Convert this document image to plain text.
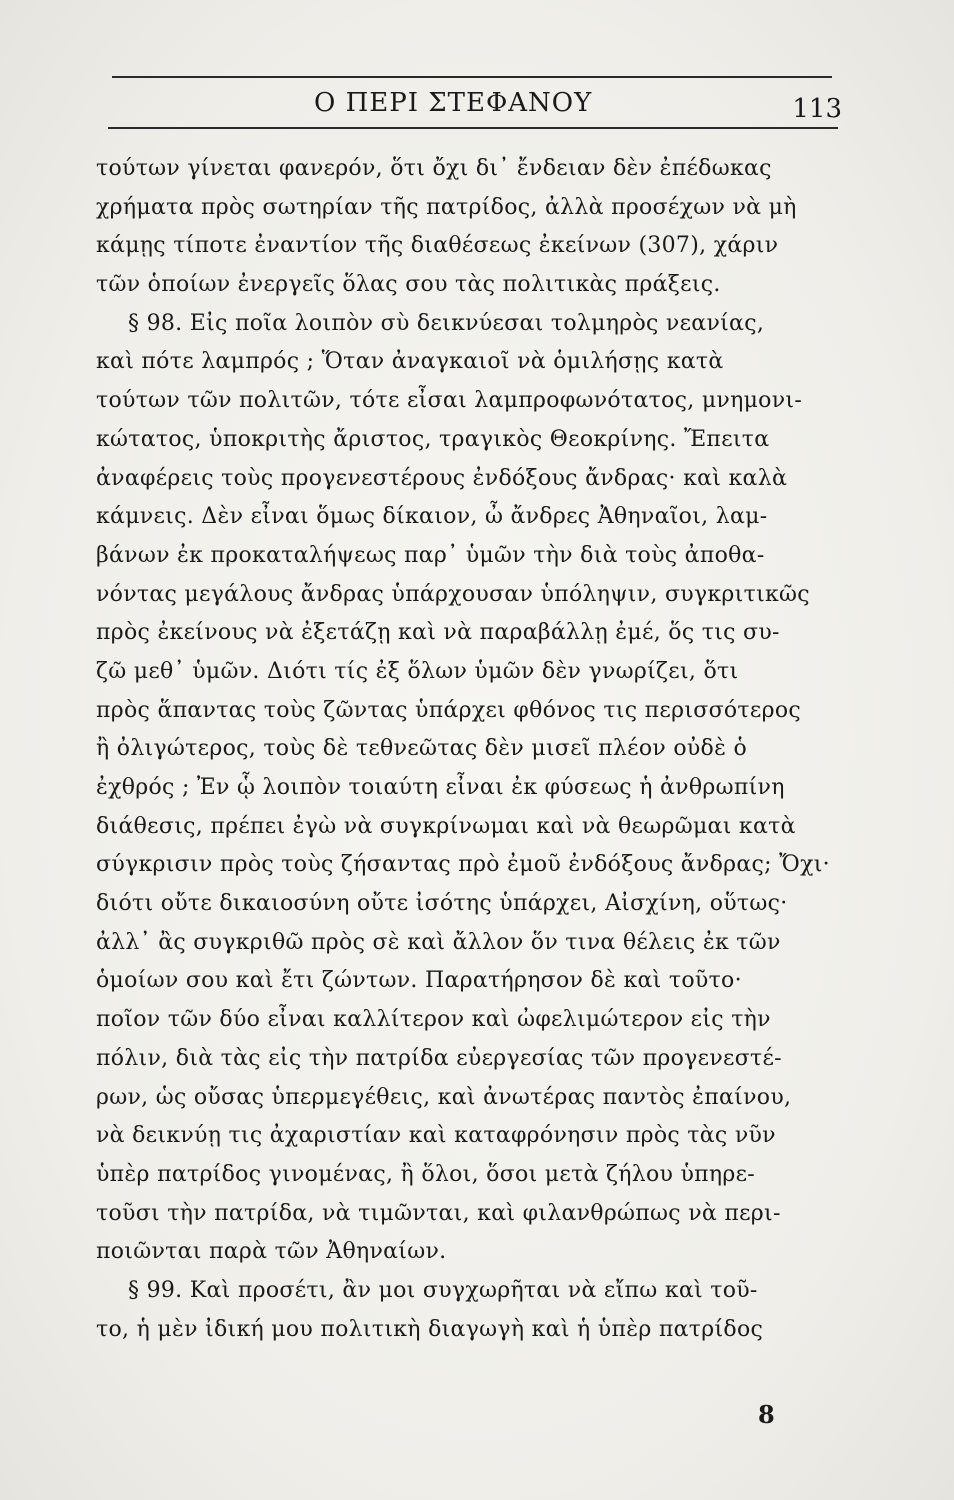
Ο ΠΕΡΙ ΣΤΕΦΑΝΟΥ	113
τούτων γίνεται φανερόν, ὅτι ὄχι δι᾽ ἔνδειαν δὲν ἐπέδωκας
χρήματα πρὸς σωτηρίαν τῆς πατρίδος, ἀλλὰ προσέχων νὰ μὴ
κάμῃς τίποτε ἐναντίον τῆς διαθέσεως ἐκείνων (307), χάριν
τῶν ὁποίων ἐνεργεῖς ὅλας σου τὰς πολιτικὰς πράξεις.
§ 98. Εἰς ποῖα λοιπὸν σὺ δεικνύεσαι τολμηρὸς νεανίας,
καὶ πότε λαμπρός ; Ὅταν ἀναγκαιοῖ νὰ ὁμιλήσῃς κατὰ
τούτων τῶν πολιτῶν, τότε εἶσαι λαμπροφωνότατος, μνημονι-
κώτατος, ὑποκριτὴς ἄριστος, τραγικὸς Θεοκρίνης. Ἔπειτα
ἀναφέρεις τοὺς προγενεστέρους ἐνδόξους ἄνδρας· καὶ καλὰ
κάμνεις. Δὲν εἶναι ὅμως δίκαιον, ὦ ἄνδρες Ἀθηναῖοι, λαμ-
βάνων ἐκ προκαταλήψεως παρ᾽ ὑμῶν τὴν διὰ τοὺς ἀποθα-
νόντας μεγάλους ἄνδρας ὑπάρχουσαν ὑπόληψιν, συγκριτικῶς
πρὸς ἐκείνους νὰ ἐξετάζῃ καὶ νὰ παραβάλλῃ ἐμέ, ὅς τις συ-
ζῶ μεθ᾽ ὑμῶν. Διότι τίς ἐξ ὅλων ὑμῶν δὲν γνωρίζει, ὅτι
πρὸς ἅπαντας τοὺς ζῶντας ὑπάρχει φθόνος τις περισσότερος
ἢ ὀλιγώτερος, τοὺς δὲ τεθνεῶτας δὲν μισεῖ πλέον οὐδὲ ὁ
ἐχθρός ; Ἐν ᾧ λοιπὸν τοιαύτη εἶναι ἐκ φύσεως ἡ ἀνθρωπίνη
διάθεσις, πρέπει ἐγὼ νὰ συγκρίνωμαι καὶ νὰ θεωρῶμαι κατὰ
σύγκρισιν πρὸς τοὺς ζήσαντας πρὸ ἐμοῦ ἐνδόξους ἄνδρας; Ὄχι·
διότι οὔτε δικαιοσύνη οὔτε ἰσότης ὑπάρχει, Αἰσχίνη, οὕτως·
ἀλλ᾽ ἂς συγκριθῶ πρὸς σὲ καὶ ἄλλον ὅν τινα θέλεις ἐκ τῶν
ὁμοίων σου καὶ ἔτι ζώντων. Παρατήρησον δὲ καὶ τοῦτο·
ποῖον τῶν δύο εἶναι καλλίτερον καὶ ὠφελιμώτερον εἰς τὴν
πόλιν, διὰ τὰς εἰς τὴν πατρίδα εὐεργεσίας τῶν προγενεστέ-
ρων, ὡς οὔσας ὑπερμεγέθεις, καὶ ἀνωτέρας παντὸς ἐπαίνου,
νὰ δεικνύῃ τις ἀχαριστίαν καὶ καταφρόνησιν πρὸς τὰς νῦν
ὑπὲρ πατρίδος γινομένας, ἢ ὅλοι, ὅσοι μετὰ ζήλου ὑπηρε-
τοῦσι τὴν πατρίδα, νὰ τιμῶνται, καὶ φιλανθρώπως νὰ περι-
ποιῶνται παρὰ τῶν Ἀθηναίων.
§ 99. Καὶ προσέτι, ἂν μοι συγχωρῆται νὰ εἴπω καὶ τοῦ-
το, ἡ μὲν ἰδική μου πολιτικὴ διαγωγὴ καὶ ἡ ὑπὲρ πατρίδος
8
